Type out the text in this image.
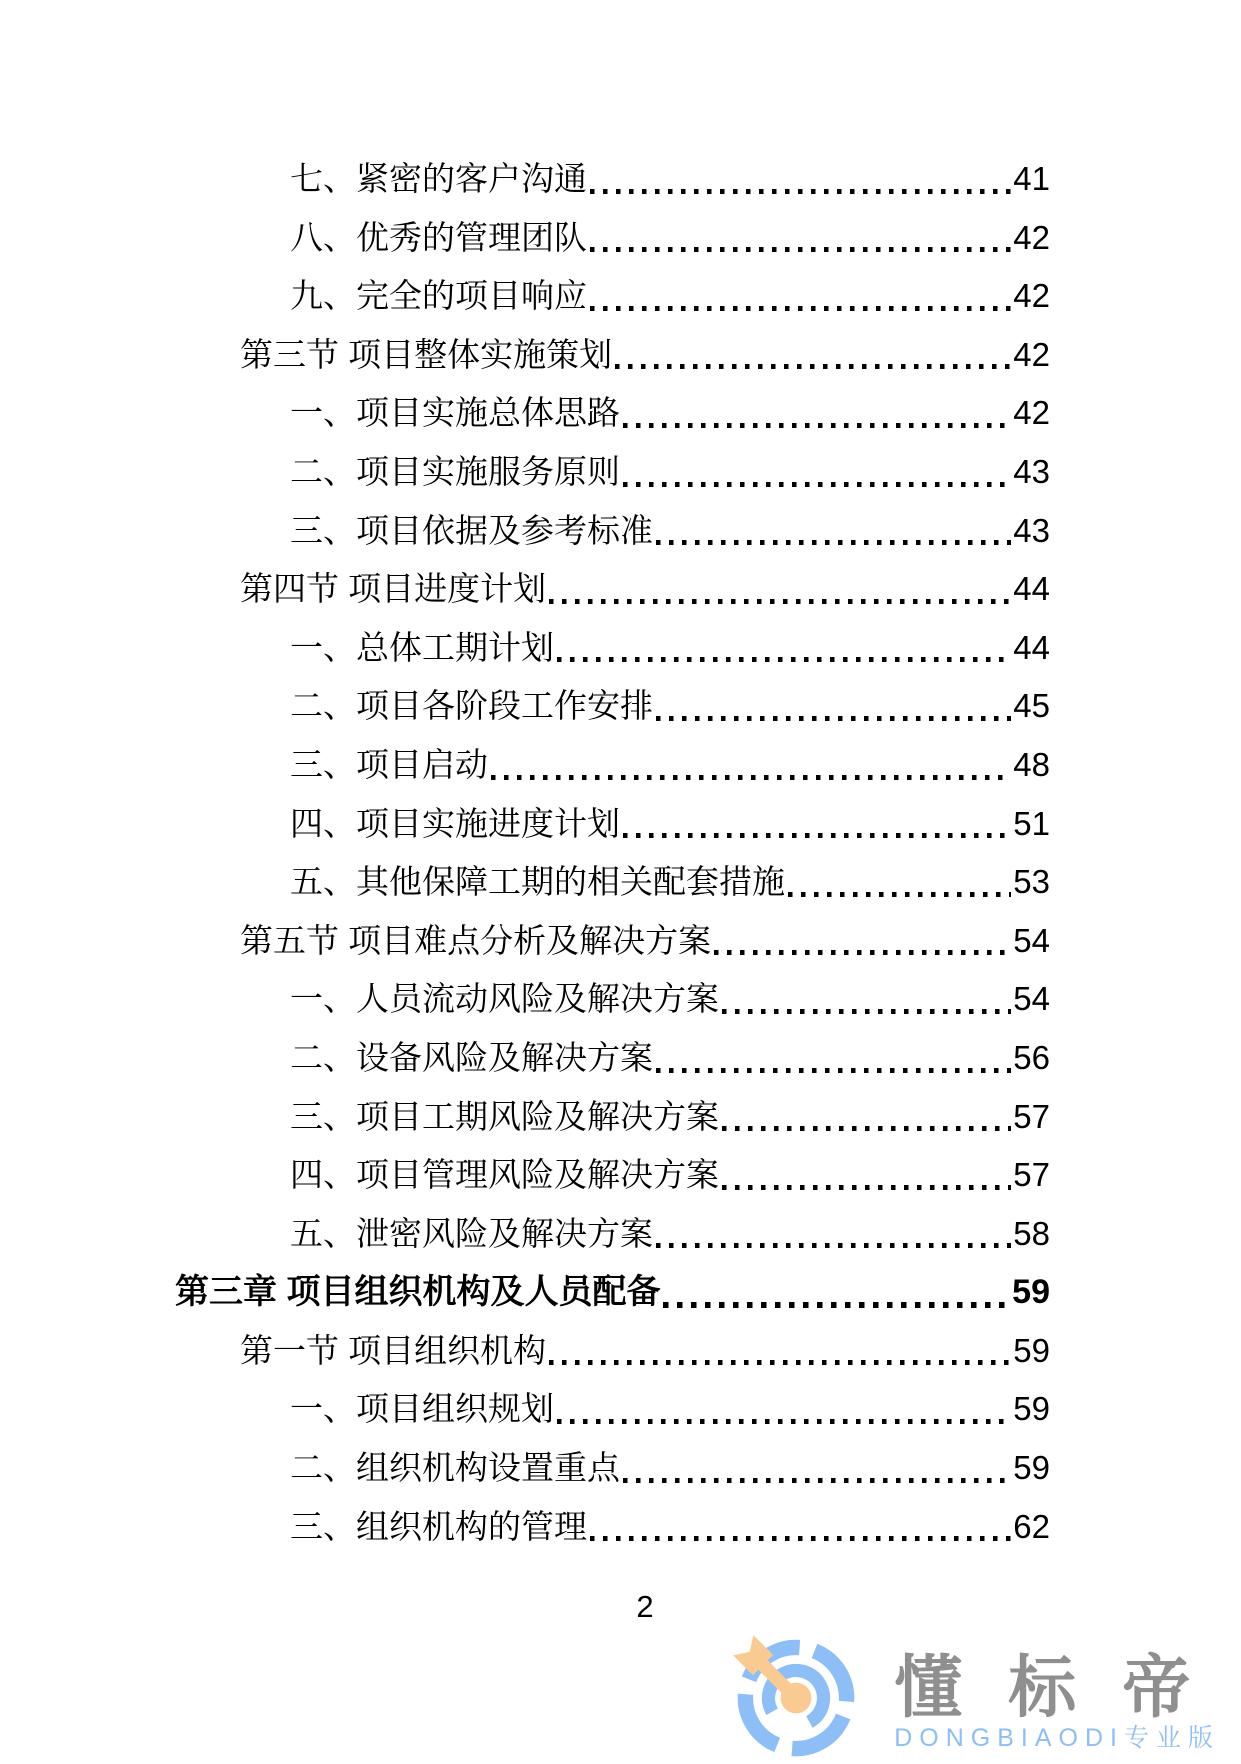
七、紧密的客户沟通	41
八、优秀的管理团队	42
九、完全的项目响应	42
第三节 项目整体实施策划	42
一、项目实施总体思路	42
二、项目实施服务原则	43
三、项目依据及参考标准	43
第四节 项目进度计划	44
一、总体工期计划	44
二、项目各阶段工作安排	45
三、项目启动	48
四、项目实施进度计划	51
五、其他保障工期的相关配套措施	53
第五节 项目难点分析及解决方案	54
一、人员流动风险及解决方案	54
二、设备风险及解决方案	56
三、项目工期风险及解决方案	57
四、项目管理风险及解决方案	57
五、泄密风险及解决方案	58
第三章 项目组织机构及人员配备	59
第一节 项目组织机构	59
一、项目组织规划	59
二、组织机构设置重点	59
三、组织机构的管理	62
2
懂标帝
DONGBIAODI专业版
